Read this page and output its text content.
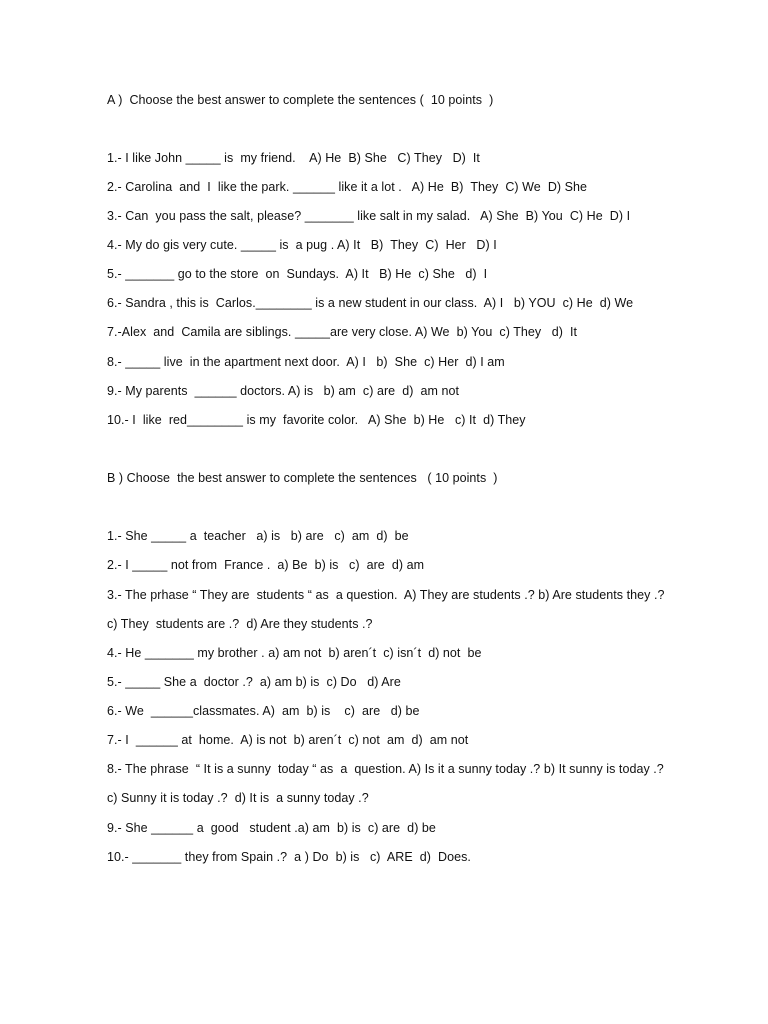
A )  Choose the best answer to complete the sentences (  10 points  )
1.- I like John _____ is  my friend.    A) He  B) She   C) They   D)  It
2.- Carolina  and  I  like the park. ______ like it a lot .   A) He  B)  They  C) We  D) She
3.- Can  you pass the salt, please? _______ like salt in my salad.   A) She  B) You  C) He  D) I
4.- My do gis very cute. _____ is  a pug . A) It   B)  They  C)  Her   D) I
5.- _______ go to the store  on  Sundays.  A) It   B) He  c) She   d)  I
6.- Sandra , this is  Carlos.________ is a new student in our class.  A) I   b) YOU  c) He  d) We
7.-Alex  and  Camila are siblings. _____are very close. A) We  b) You  c) They   d)  It
8.- _____ live  in the apartment next door.  A) I   b)  She  c) Her  d) I am
9.- My parents  ______ doctors. A) is   b) am  c) are  d)  am not
10.- I  like  red________ is my  favorite color.   A) She  b) He   c) It  d) They
B ) Choose  the best answer to complete the sentences   ( 10 points  )
1.- She _____ a  teacher   a) is   b) are   c)  am  d)  be
2.- I _____ not from  France .  a) Be  b) is   c)  are  d) am
3.- The prhase “ They are  students “ as  a question.  A) They are students .? b) Are students they .?
c) They  students are .?  d) Are they students .?
4.- He _______ my brother . a) am not  b) aren´t  c) isn´t  d) not  be
5.- _____ She a  doctor .?  a) am b) is  c) Do   d) Are
6.- We  ______classmates. A)  am  b) is    c)  are   d) be
7.- I  ______ at  home.  A) is not  b) aren´t  c) not  am  d)  am not
8.- The phrase  “ It is a sunny  today “ as  a  question. A) Is it a sunny today .? b) It sunny is today .?
c) Sunny it is today .?  d) It is  a sunny today .?
9.- She ______ a  good   student .a) am  b) is  c) are  d) be
10.- _______ they from Spain .?  a ) Do  b) is   c)  ARE  d)  Does.
